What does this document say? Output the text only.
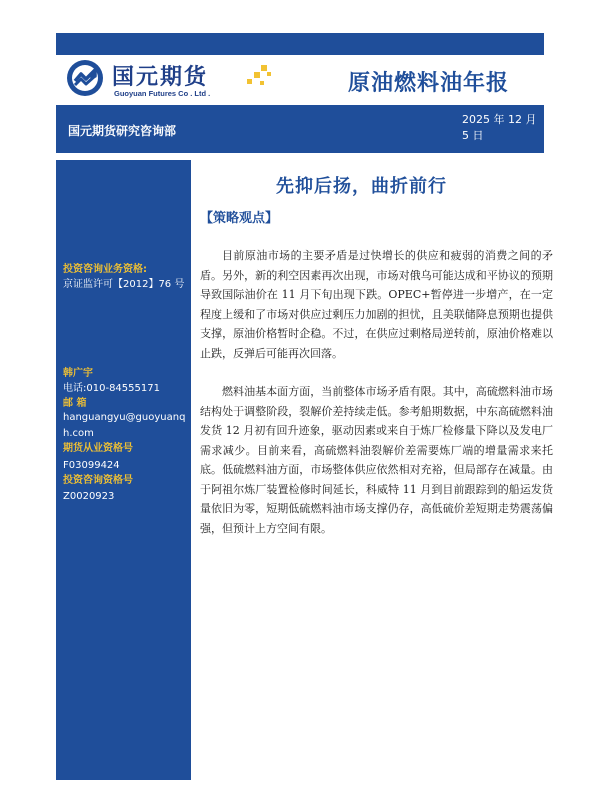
国元期货
Guoyuan Futures Co . Ltd .	原油燃料油年报
国元期货研究咨询部
2025 年 12 月 5 日
投资咨询业务资格:
京证监许可【2012】76 号
韩广宇
电话:010-84555171
邮 箱
hanguangyu@guoyuanqh.com
期货从业资格号
F03099424
投资咨询资格号
Z0020923
先抑后扬，曲折前行
【策略观点】
目前原油市场的主要矛盾是过快增长的供应和疲弱的消费之间的矛盾。另外，新的利空因素再次出现，市场对俄乌可能达成和平协议的预期导致国际油价在 11 月下旬出现下跌。OPEC+暂停进一步增产，在一定程度上缓和了市场对供应过剩压力加剧的担忧，且美联储降息预期也提供支撑，原油价格暂时企稳。不过，在供应过剩格局逆转前，原油价格难以止跌，反弹后可能再次回落。
燃料油基本面方面，当前整体市场矛盾有限。其中，高硫燃料油市场结构处于调整阶段，裂解价差持续走低。参考船期数据，中东高硫燃料油发货 12 月初有回升迹象，驱动因素或来自于炼厂检修量下降以及发电厂需求减少。目前来看，高硫燃料油裂解价差需要炼厂端的增量需求来托底。低硫燃料油方面，市场整体供应依然相对充裕，但局部存在减量。由于阿祖尔炼厂装置检修时间延长，科威特 11 月到目前跟踪到的船运发货量依旧为零，短期低硫燃料油市场支撑仍存，高低硫价差短期走势震荡偏强，但预计上方空间有限。
